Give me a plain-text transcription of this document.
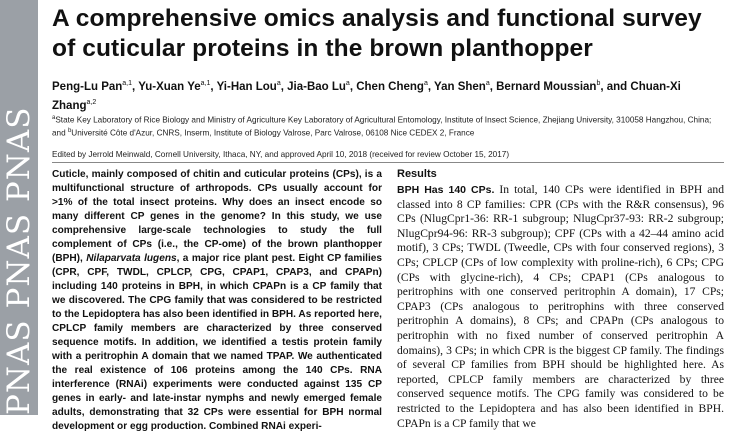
PNAS PNAS PNAS
A comprehensive omics analysis and functional survey of cuticular proteins in the brown planthopper
Peng-Lu Pan$^{a,1}$, Yu-Xuan Ye$^{a,1}$, Yi-Han Lou$^a$, Jia-Bao Lu$^a$, Chen Cheng$^a$, Yan Shen$^a$, Bernard Moussian$^b$, and Chuan-Xi Zhang$^{a,2}$
$^a$State Key Laboratory of Rice Biology and Ministry of Agriculture Key Laboratory of Agricultural Entomology, Institute of Insect Science, Zhejiang University, 310058 Hangzhou, China; and $^b$Université Côte d'Azur, CNRS, Inserm, Institute of Biology Valrose, Parc Valrose, 06108 Nice CEDEX 2, France
Edited by Jerrold Meinwald, Cornell University, Ithaca, NY, and approved April 10, 2018 (received for review October 15, 2017)
Cuticle, mainly composed of chitin and cuticular proteins (CPs), is a multifunctional structure of arthropods. CPs usually account for >1% of the total insect proteins. Why does an insect encode so many different CP genes in the genome? In this study, we use comprehensive large-scale technologies to study the full complement of CPs (i.e., the CP-ome) of the brown planthopper (BPH), Nilaparvata lugens, a major rice plant pest. Eight CP families (CPR, CPF, TWDL, CPLCP, CPG, CPAP1, CPAP3, and CPAPn) including 140 proteins in BPH, in which CPAPn is a CP family that we discovered. The CPG family that was considered to be restricted to the Lepidoptera has also been identified in BPH. As reported here, CPLCP family members are characterized by three conserved sequence motifs. In addition, we identified a testis protein family with a peritrophin A domain that we named TPAP. We authenticated the real existence of 106 proteins among the 140 CPs. RNA interference (RNAi) experiments were conducted against 135 CP genes in early- and late-instar nymphs and newly emerged female adults, demonstrating that 32 CPs were essential for BPH normal development or egg production. Combined RNAi experi-
Results
BPH Has 140 CPs. In total, 140 CPs were identified in BPH and classed into 8 CP families: CPR (CPs with the R&R consensus), 96 CPs (NlugCpr1-36: RR-1 subgroup; NlugCpr37-93: RR-2 subgroup; NlugCpr94-96: RR-3 subgroup); CPF (CPs with a 42–44 amino acid motif), 3 CPs; TWDL (Tweedle, CPs with four conserved regions), 3 CPs; CPLCP (CPs of low complexity with proline-rich), 6 CPs; CPG (CPs with glycine-rich), 4 CPs; CPAP1 (CPs analogous to peritrophins with one conserved peritrophin A domain), 17 CPs; CPAP3 (CPs analogous to peritrophins with three conserved peritrophin A domains), 8 CPs; and CPAPn (CPs analogous to peritrophin with no fixed number of conserved peritrophin A domains), 3 CPs; in which CPR is the biggest CP family. The findings of several CP families from BPH should be highlighted here. As reported, CPLCP family members are characterized by three conserved sequence motifs. The CPG family was considered to be restricted to the Lepidoptera and has also been identified in BPH. CPAPn is a CP family that we
